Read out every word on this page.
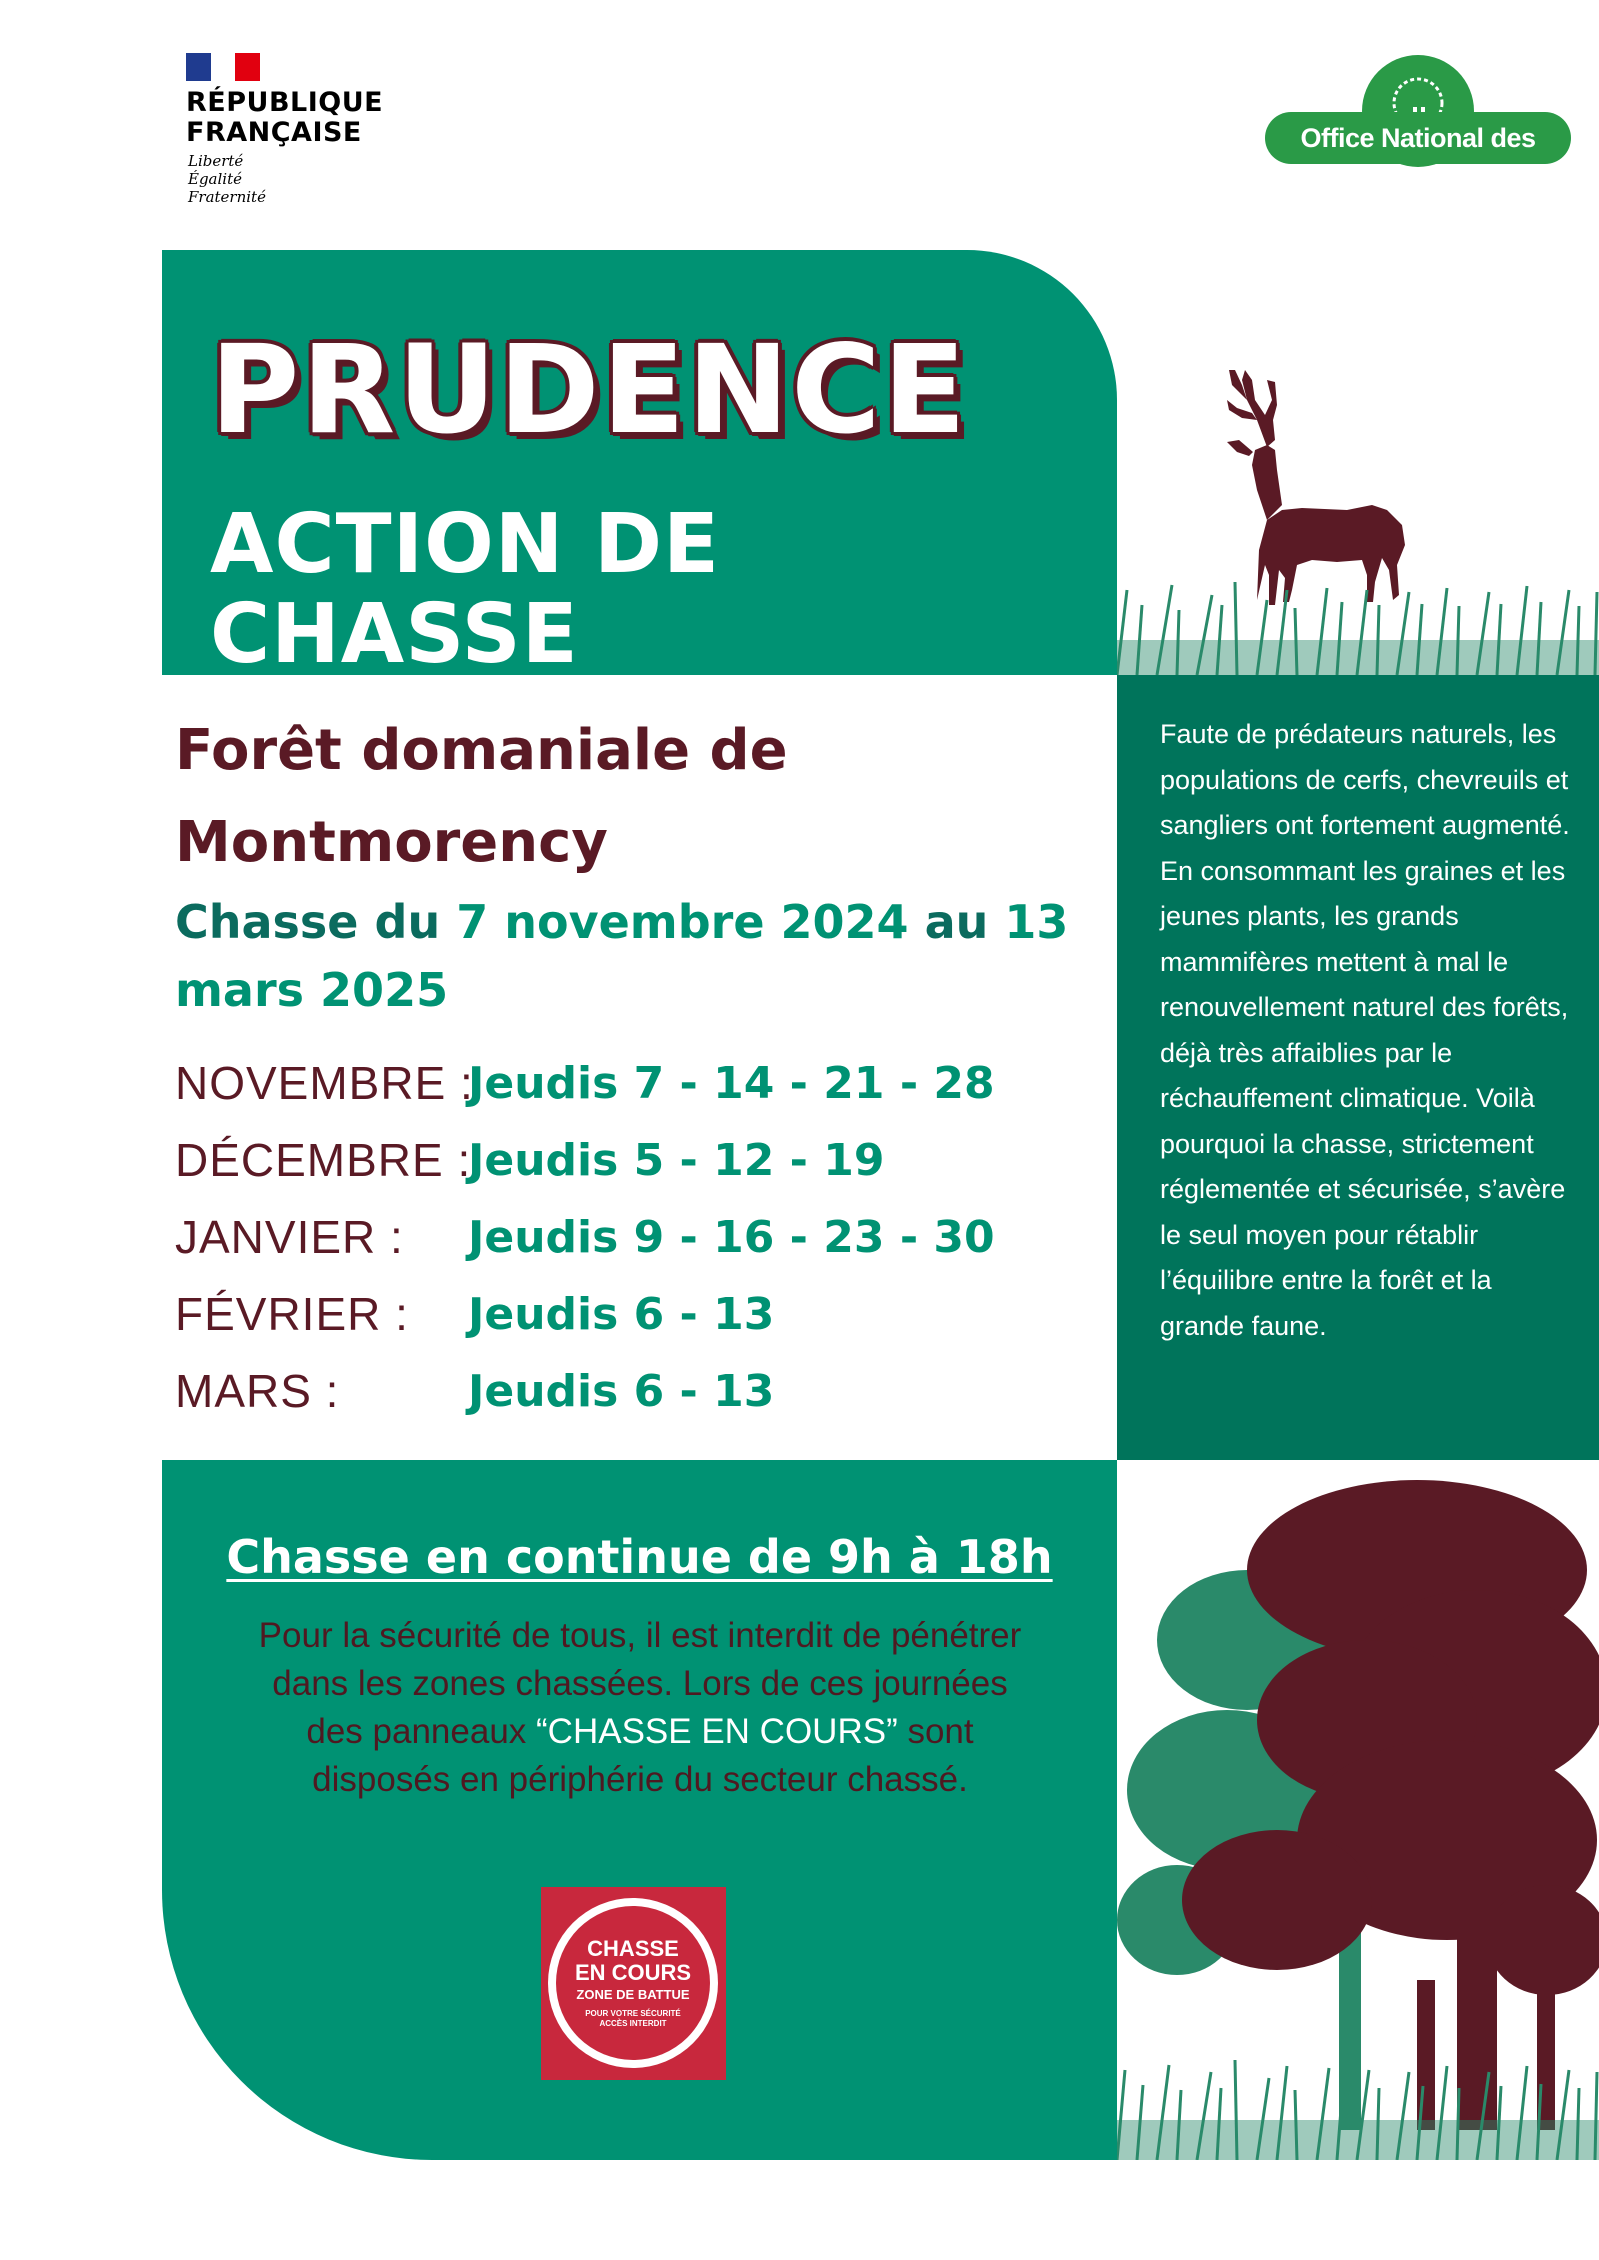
RÉPUBLIQUE
FRANÇAISE
Liberté
Égalité
Fraternité
Office National des Forêts
PRUDENCE
ACTION DE CHASSE
Forêt domaniale de
Montmorency
Chasse du 7 novembre 2024 au 13 mars 2025
NOVEMBRE :
Jeudis 7 - 14 - 21 - 28
DÉCEMBRE :
Jeudis 5 - 12 - 19
JANVIER : Jeudis 9 - 16 - 23 - 30
FÉVRIER : Jeudis 6 - 13
MARS :	Jeudis 6 - 13
Faute de prédateurs naturels, les populations de cerfs, chevreuils et sangliers ont fortement augmenté. En consommant les graines et les jeunes plants, les grands mammifères mettent à mal le renouvellement naturel des forêts, déjà très affaiblies par le réchauffement climatique. Voilà pourquoi la chasse, strictement réglementée et sécurisée, s’avère le seul moyen pour rétablir l’équilibre entre la forêt et la grande faune.
Chasse en continue de 9h à 18h
Pour la sécurité de tous, il est interdit de pénétrer dans les zones chassées. Lors de ces journées des panneaux “CHASSE EN COURS” sont disposés en périphérie du secteur chassé.
CHASSE
EN COURS
ZONE DE BATTUE
POUR VOTRE SÉCURITÉ
ACCÈS INTERDIT
